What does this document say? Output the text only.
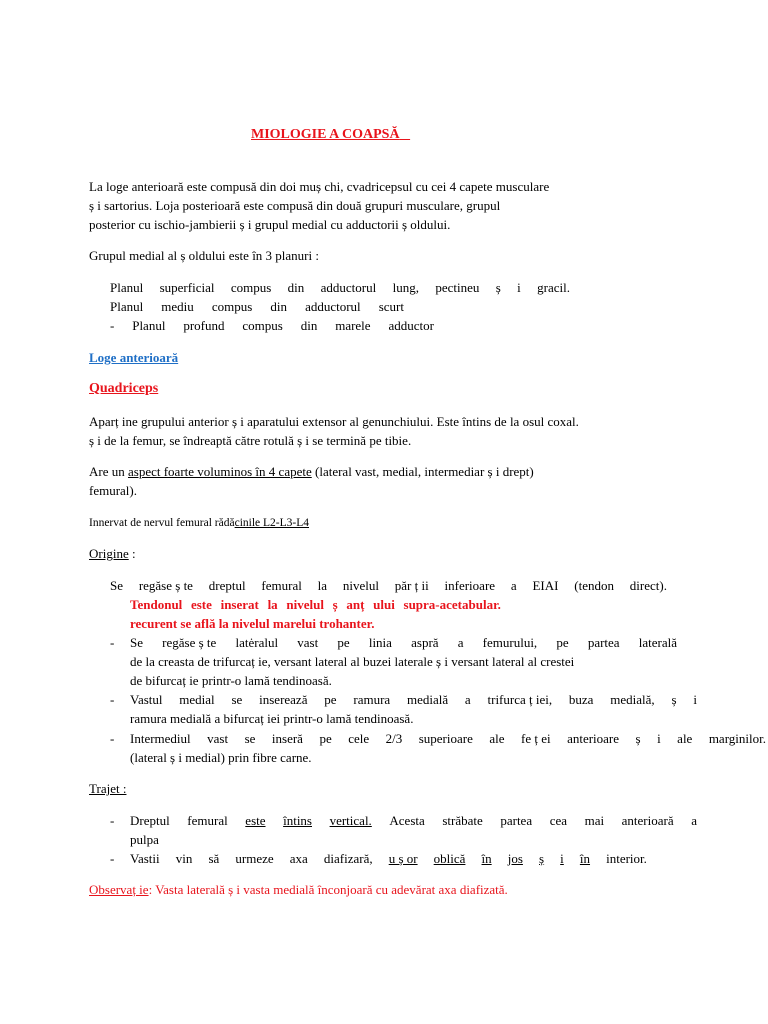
MIOLOGIE A COAPSĂ
La loge anterioară este compusă din doi muș chi, cvadricepsul cu cei 4 capete musculare
ș i sartorius. Loja posterioară este compusă din două grupuri musculare, grupul
posterior cu ischio-jambierii ș i grupul medial cu adductorii ș oldului.
Grupul medial al ș oldului este în 3 planuri :
Planul superficial compus din adductorul lung, pectineu ș i gracil.
Planul mediu compus din adductorul scurt
- Planul profund compus din marele adductor
Loge anterioară
Quadriceps
Aparț ine grupului anterior ș i aparatului extensor al genunchiului. Este întins de la osul coxal.
ș i de la femur, se îndreaptă către rotulă ș i se termină pe tibie.
Are un aspect foarte voluminos în 4 capete (lateral vast, medial, intermediar ș i drept)
femural).
Innervat de nervul femural rădăcinile L2-L3-L4
Origine :
Se regăse ș te dreptul femural la nivelul păr ț ii inferioare a EIAI (tendon direct).
Tendonul este inserat la nivelul ș anț ului supra-acetabular.
recurent se află la nivelul marelui trohanter.
- Se regăse ș te latėralul vast pe linia aspră a femurului, pe partea laterală
de la creasta de trifurcaț ie, versant lateral al buzei laterale ș i versant lateral al crestei
de bifurcaț ie printr-o lamă tendinoasă.
- Vastul medial se inserează pe ramura medială a trifurca ț iei, buza medială, ș i
ramura medială a bifurcaț iei printr-o lamă tendinoasă.
- Intermediul vast se inseră pe cele 2/3 superioare ale fe ț ei anterioare ș i ale marginilor.
(lateral ș i medial) prin fibre carne.
Trajet :
- Dreptul femural este întins vertical. Acesta străbate partea cea mai anterioară a
pulpa
- Vastii vin să urmeze axa diafizară, u ș or oblică în jos ș i în interior.
Observaț ie: Vasta laterală ș i vasta medială înconjoară cu adevărat axa diafizată.
